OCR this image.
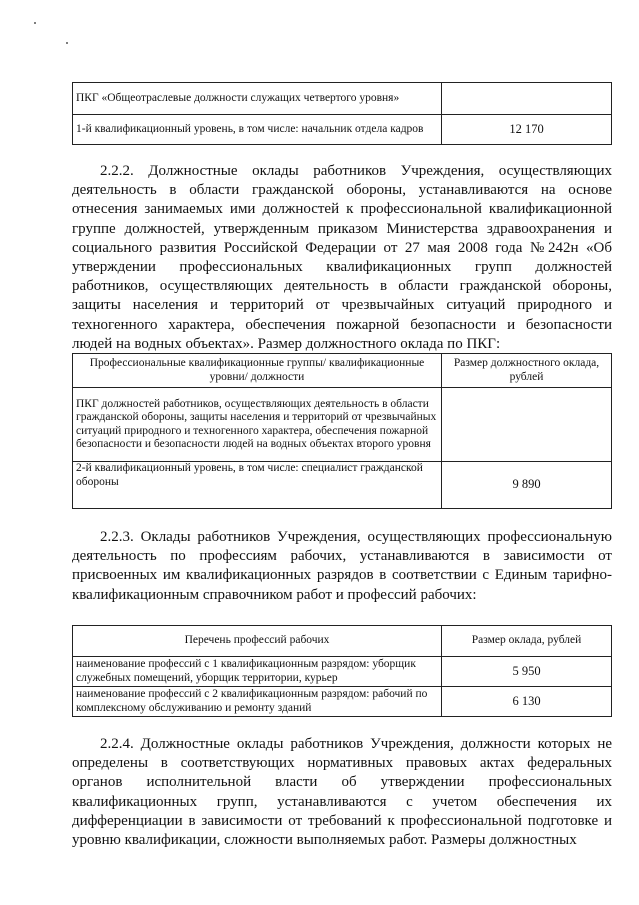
ПКГ «Общеотраслевые должности служащих четвертого уровня»	
1-й квалификационный уровень, в том числе: начальник отдела кадров	12 170

2.2.2. Должностные оклады работников Учреждения, осуществляющих деятельность в области гражданской обороны, устанавливаются на основе отнесения занимаемых ими должностей к профессиональной квалификационной группе должностей, утвержденным приказом Министерства здравоохранения и социального развития Российской Федерации от 27 мая 2008 года №242н «Об утверждении профессиональных квалификационных групп должностей работников, осуществляющих деятельность в области гражданской обороны, защиты населения и территорий от чрезвычайных ситуаций природного и техногенного характера, обеспечения пожарной безопасности и безопасности людей на водных объектах». Размер должностного оклада по ПКГ:

Профессиональные квалификационные группы/ квалификационные уровни/ должности	Размер должностного оклада, рублей
ПКГ должностей работников, осуществляющих деятельность в области гражданской обороны, защиты населения и территорий от чрезвычайных ситуаций природного и техногенного характера, обеспечения пожарной безопасности и безопасности людей на водных объектах второго уровня	
2-й квалификационный уровень, в том числе: специалист гражданской обороны	9 890

2.2.3. Оклады работников Учреждения, осуществляющих профессиональную деятельность по профессиям рабочих, устанавливаются в зависимости от присвоенных им квалификационных разрядов в соответствии с Единым тарифно-квалификационным справочником работ и профессий рабочих:

Перечень профессий рабочих	Размер оклада, рублей
наименование профессий с 1 квалификационным разрядом: уборщик служебных помещений, уборщик территории, курьер	5 950
наименование профессий с 2 квалификационным разрядом: рабочий по комплексному обслуживанию и ремонту зданий	6 130

2.2.4. Должностные оклады работников Учреждения, должности которых не определены в соответствующих нормативных правовых актах федеральных органов исполнительной власти об утверждении профессиональных квалификационных групп, устанавливаются с учетом обеспечения их дифференциации в зависимости от требований к профессиональной подготовке и уровню квалификации, сложности выполняемых работ. Размеры должностных
